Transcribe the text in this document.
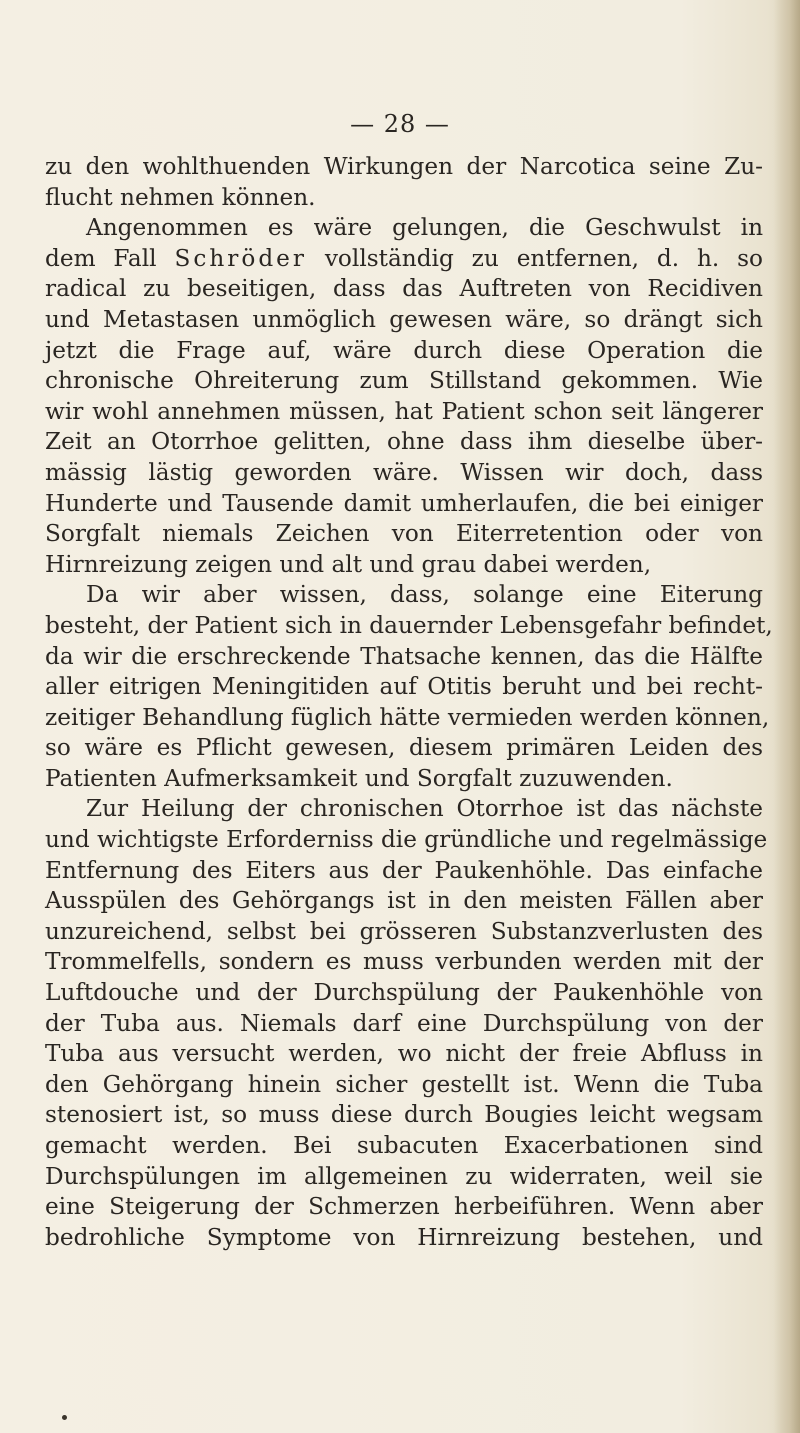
— 28 —
zu den wohlthuenden Wirkungen der Narcotica seine Zu-
flucht nehmen können.
Angenommen es wäre gelungen, die Geschwulst in
dem Fall Schröder vollständig zu entfernen, d. h. so
radical zu beseitigen, dass das Auftreten von Recidiven
und Metastasen unmöglich gewesen wäre, so drängt sich
jetzt die Frage auf, wäre durch diese Operation die
chronische Ohreiterung zum Stillstand gekommen. Wie
wir wohl annehmen müssen, hat Patient schon seit längerer
Zeit an Otorrhoe gelitten, ohne dass ihm dieselbe über-
mässig lästig geworden wäre. Wissen wir doch, dass
Hunderte und Tausende damit umherlaufen, die bei einiger
Sorgfalt niemals Zeichen von Eiterretention oder von
Hirnreizung zeigen und alt und grau dabei werden,
Da wir aber wissen, dass, solange eine Eiterung
besteht, der Patient sich in dauernder Lebensgefahr befindet,
da wir die erschreckende Thatsache kennen, das die Hälfte
aller eitrigen Meningitiden auf Otitis beruht und bei recht-
zeitiger Behandlung füglich hätte vermieden werden können,
so wäre es Pflicht gewesen, diesem primären Leiden des
Patienten Aufmerksamkeit und Sorgfalt zuzuwenden.
Zur Heilung der chronischen Otorrhoe ist das nächste
und wichtigste Erforderniss die gründliche und regelmässige
Entfernung des Eiters aus der Paukenhöhle. Das einfache
Ausspülen des Gehörgangs ist in den meisten Fällen aber
unzureichend, selbst bei grösseren Substanzverlusten des
Trommelfells, sondern es muss verbunden werden mit der
Luftdouche und der Durchspülung der Paukenhöhle von
der Tuba aus. Niemals darf eine Durchspülung von der
Tuba aus versucht werden, wo nicht der freie Abfluss in
den Gehörgang hinein sicher gestellt ist. Wenn die Tuba
stenosiert ist, so muss diese durch Bougies leicht wegsam
gemacht werden. Bei subacuten Exacerbationen sind
Durchspülungen im allgemeinen zu widerraten, weil sie
eine Steigerung der Schmerzen herbeiführen. Wenn aber
bedrohliche Symptome von Hirnreizung bestehen, und
